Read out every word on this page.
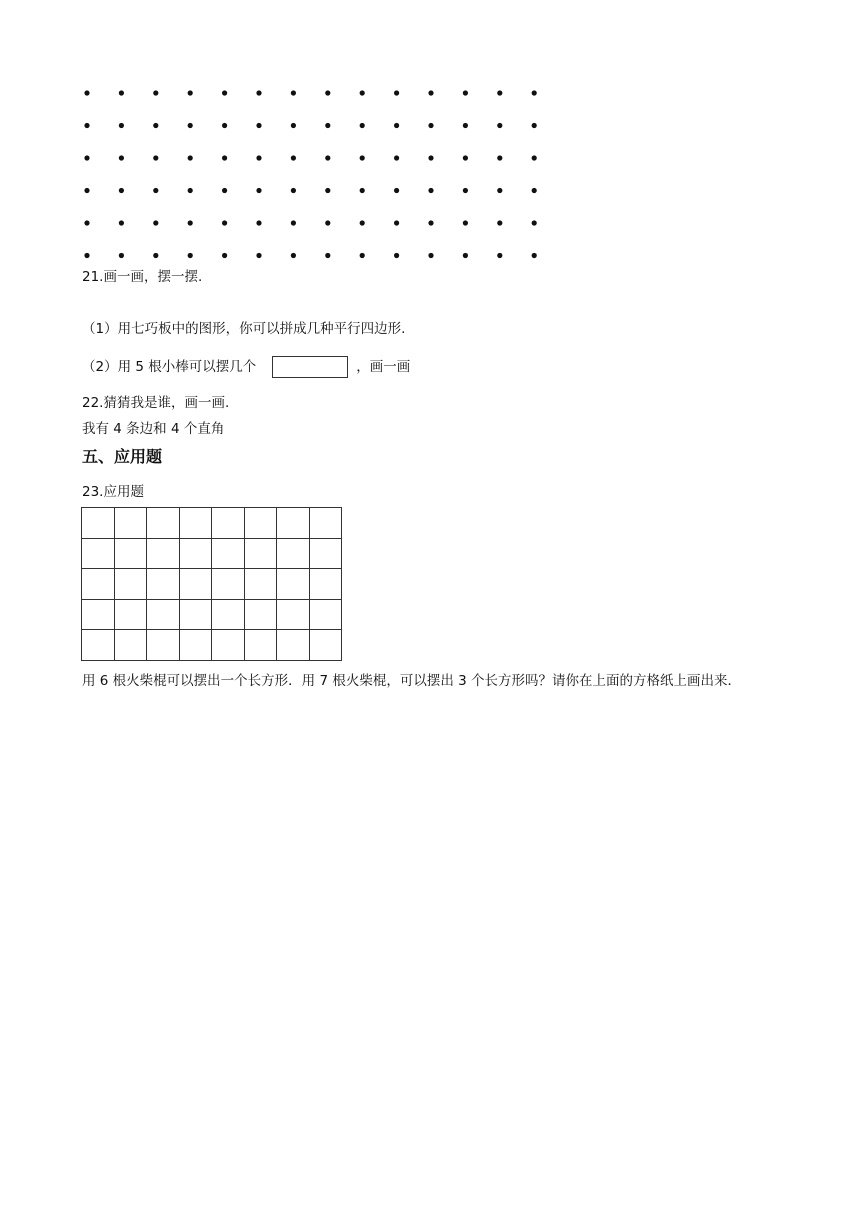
21.画一画，摆一摆.
（1）用七巧板中的图形，你可以拼成几种平行四边形.
（2）用 5 根小棒可以摆几个	，画一画
22.猜猜我是谁，画一画.
我有 4 条边和 4 个直角
五、应用题
23.应用题

用 6 根火柴棍可以摆出一个长方形．用 7 根火柴棍，可以摆出 3 个长方形吗？请你在上面的方格纸上画出来．
